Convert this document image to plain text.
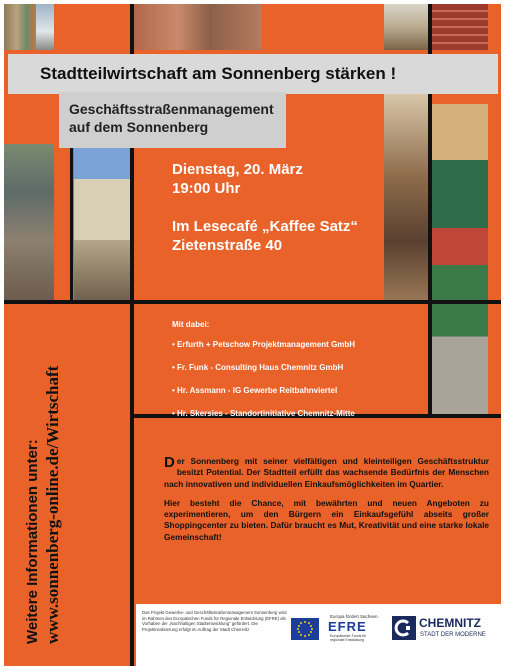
Stadtteilwirtschaft am Sonnenberg stärken !
Geschäftsstraßenmanagement
auf dem Sonnenberg
Dienstag, 20. März
19:00 Uhr
Im Lesecafé „Kaffee Satz“
Zietenstraße 40
Mit dabei:
• Erfurth + Petschow Projektmanagement GmbH
• Fr. Funk - Consulting Haus Chemnitz GmbH
• Hr. Assmann - IG Gewerbe Reitbahnviertel
• Hr. Skersies - Standortinitiative Chemnitz-Mitte

Der Sonnenberg mit seiner vielfältigen und kleinteiligen Geschäftsstruktur besitzt Potential. Der Stadtteil erfüllt das wachsende Bedürfnis der Menschen nach innovativen und individuellen Einkaufsmöglichkeiten im Quartier.

Hier besteht die Chance, mit bewährten und neuen Angeboten zu experimentieren, um den Bürgern ein Einkaufsgefühl abseits großer Shoppingcenter zu bieten. Dafür braucht es Mut, Kreativität und eine starke lokale Gemeinschaft!

Weitere Informationen unter: www.sonnenberg-online.de/Wirtschaft	Das Projekt Gewerbe- und Geschäftsstraßenmanagement Sonnenberg wird im Rahmen des Europäischen Fonds für Regionale Entwicklung (EFRE) als Vorhaben der „Nachhaltigen Stadtentwicklung“ gefördert. Die Projektrealisierung erfolgt im Auftrag der Stadt Chemnitz
Europa fördert Sachsen.
EFRE
Europäischer Fonds für regionale Entwicklung
CHEMNITZ
STADT DER MODERNE
